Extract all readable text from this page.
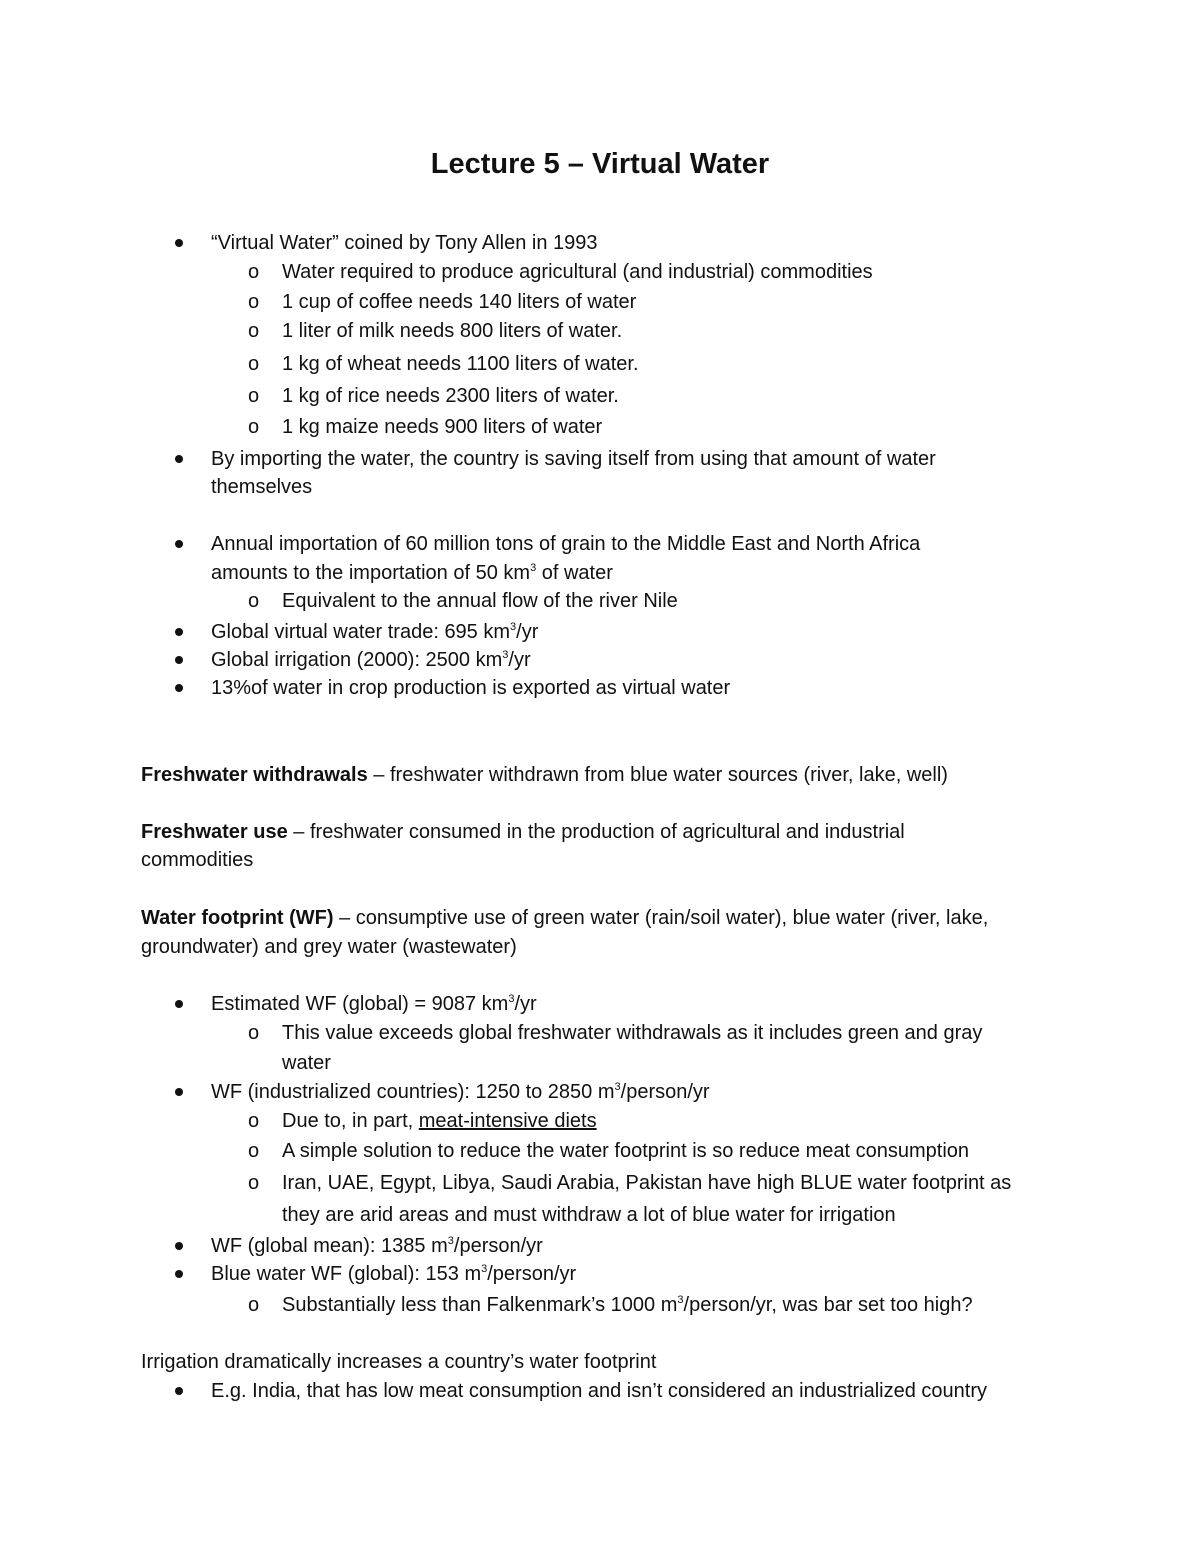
Lecture 5 – Virtual Water
“Virtual Water” coined by Tony Allen in 1993
o Water required to produce agricultural (and industrial) commodities
o 1 cup of coffee needs 140 liters of water
o 1 liter of milk needs 800 liters of water.
o 1 kg of wheat needs 1100 liters of water.
o 1 kg of rice needs 2300 liters of water.
o 1 kg maize needs 900 liters of water
By importing the water, the country is saving itself from using that amount of water
themselves
Annual importation of 60 million tons of grain to the Middle East and North Africa
amounts to the importation of 50 $km^3$ of water
o Equivalent to the annual flow of the river Nile
Global virtual water trade: 695 $km^3/yr$
Global irrigation (2000): 2500 $km^3/yr$
13%of water in crop production is exported as virtual water
Freshwater withdrawals – freshwater withdrawn from blue water sources (river, lake, well)
Freshwater use – freshwater consumed in the production of agricultural and industrial
commodities
Water footprint (WF) – consumptive use of green water (rain/soil water), blue water (river, lake,
groundwater) and grey water (wastewater)
Estimated WF (global) = 9087 $km^3/yr$
o This value exceeds global freshwater withdrawals as it includes green and gray
water
WF (industrialized countries): 1250 to 2850 $m^3/person/yr$
o Due to, in part, meat-intensive diets
o A simple solution to reduce the water footprint is so reduce meat consumption
o Iran, UAE, Egypt, Libya, Saudi Arabia, Pakistan have high BLUE water footprint as
they are arid areas and must withdraw a lot of blue water for irrigation
WF (global mean): 1385 $m^3/person/yr$
Blue water WF (global): 153 $m^3/person/yr$
o Substantially less than Falkenmark’s 1000 $m^3/person/yr$, was bar set too high?
Irrigation dramatically increases a country’s water footprint
E.g. India, that has low meat consumption and isn’t considered an industrialized country
